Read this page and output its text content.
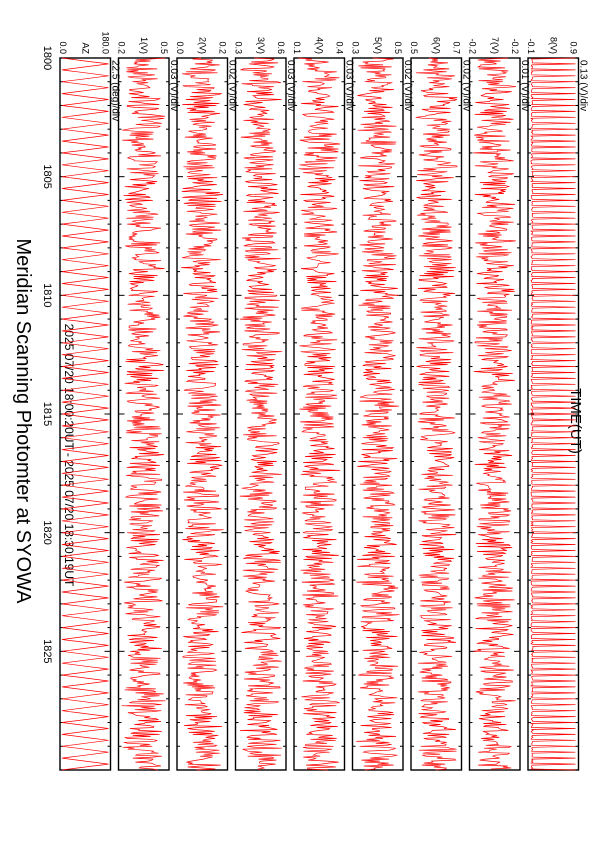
Meridian Scanning Photomter at SYOWA 2025 07/20 18:00:20UT - 2025 07/20 18:30:19UT	TIME(UT)
1800
1805
1810
1815
1820
1825
180.0
0.0 AZ
22.5 (deg)/div
0.5
0.2 1(V)
0.03 (V)/div
0.2
0.0 2(V)
0.02 (V)/div
0.6
0.3 3(V)
0.03 (V)/div
0.4
0.1 4(V)
0.03 (V)/div
0.5
0.3 5(V)
0.02 (V)/div
0.7
0.5 6(V)
0.02 (V)/div
-0.2
-0.2 7(V)
0.01 (V)/div
0.9
-0.1 8(V)
0.13 (V)/div
